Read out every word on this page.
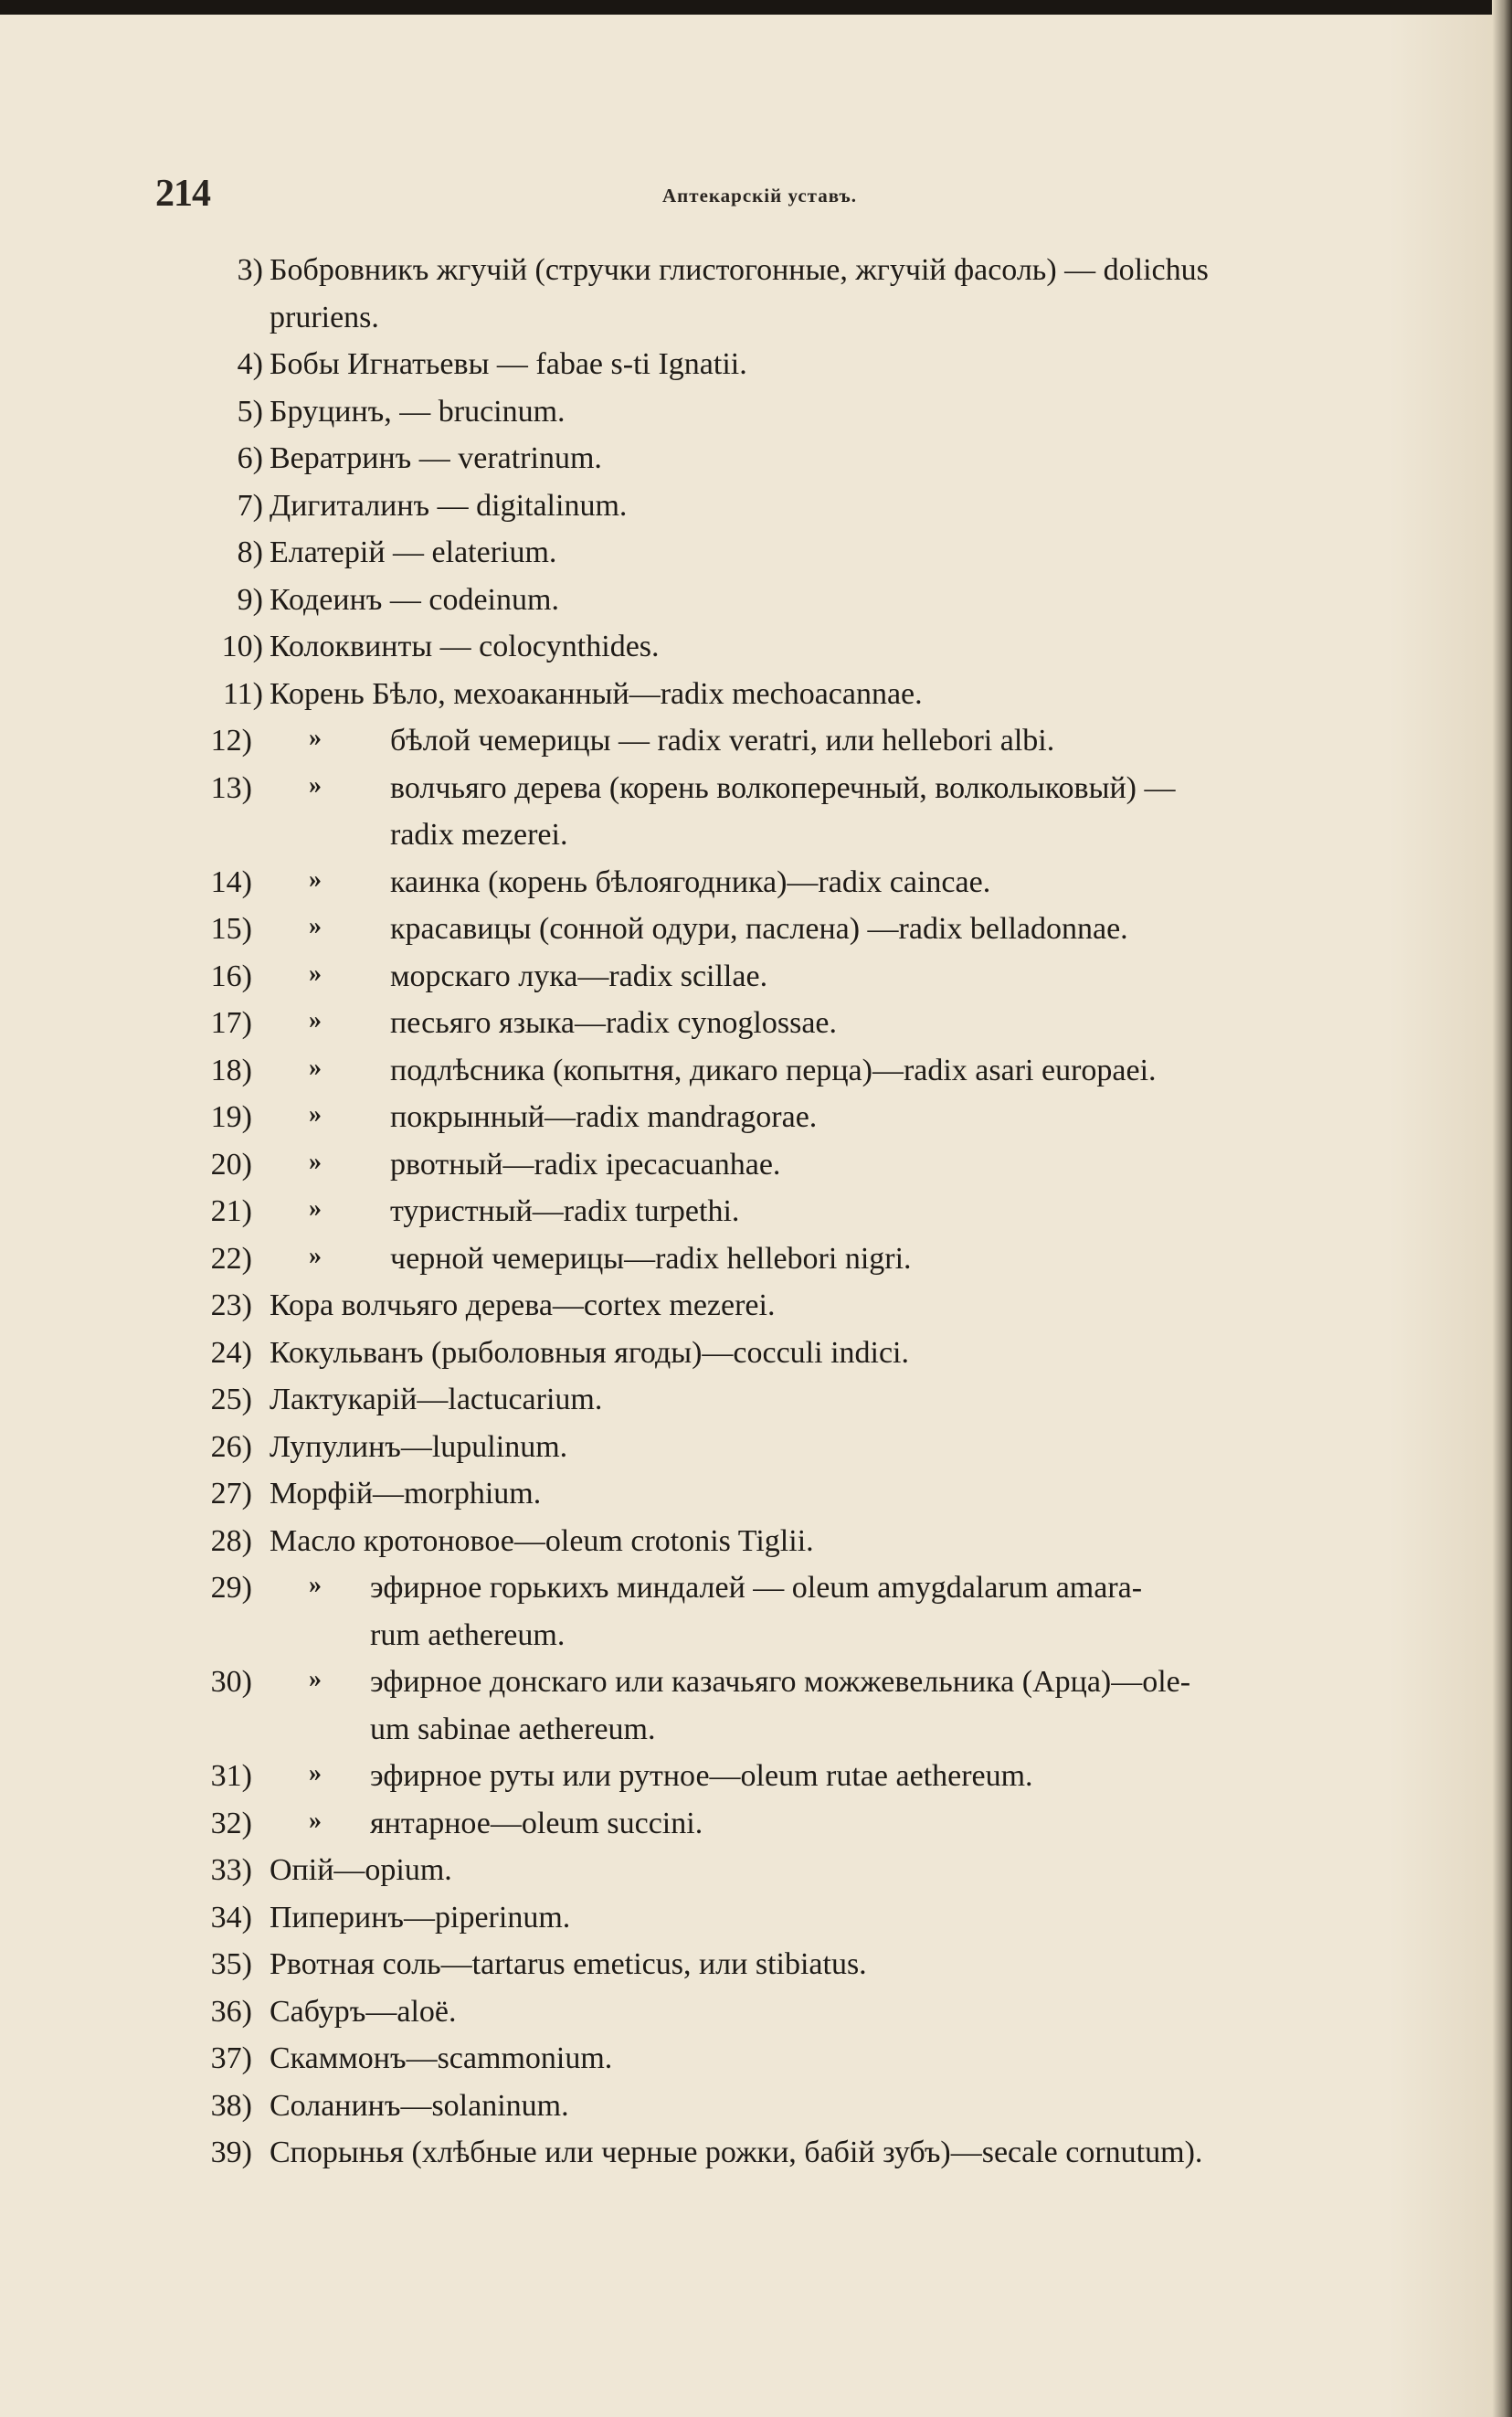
214	Аптекарскій уставъ.
3) Бобровникъ жгучій (стручки глистогонные, жгучій фасоль) — dolichus
pruriens.
4) Бобы Игнатьевы — fabae s-ti Ignatii.
5) Бруцинъ, — brucinum.
6) Вератринъ — veratrinum.
7) Дигиталинъ — digitalinum.
8) Елатерій — elaterium.
9) Кодеинъ — codeinum.
10) Колоквинты — colocynthides.
11) Корень Бѣло, мехоаканный—radix mechoacannae.
12) » бѣлой чемерицы — radix veratri, или hellebori albi.
13) » волчьяго дерева (корень волкоперечный, волколыковый) —
radix mezerei.
14) » каинка (корень бѣлоягодника)—radix caincae.
15) » красавицы (сонной одури, паслена) —radix belladonnae.
16) » морскаго лука—radix scillae.
17) » песьяго языка—radix cynoglossae.
18) » подлѣсника (копытня, дикаго перца)—radix asari europaei.
19) » покрынный—radix mandragorae.
20) » рвотный—radix ipecacuanhae.
21) » туристный—radix turpethi.
22) » черной чемерицы—radix hellebori nigri.
23) Кора волчьяго дерева—cortex mezerei.
24) Кокульванъ (рыболовныя ягоды)—cocculi indici.
25) Лактукарій—lactucarium.
26) Лупулинъ—lupulinum.
27) Морфій—morphium.
28) Масло кротоновое—oleum crotonis Tiglii.
29) » эфирное горькихъ миндалей — oleum amygdalarum amara-
rum aethereum.
30) » эфирное донскаго или казачьяго можжевельника (Арца)—ole-
um sabinae aethereum.
31) » эфирное руты или рутное—oleum rutae aethereum.
32) » янтарное—oleum succini.
33) Опій—opium.
34) Пиперинъ—piperinum.
35) Рвотная соль—tartarus emeticus, или stibiatus.
36) Сабуръ—aloë.
37) Скаммонъ—scammonium.
38) Соланинъ—solaninum.
39) Спорынья (хлѣбные или черные рожки, бабій зубъ)—secale cornutum).
